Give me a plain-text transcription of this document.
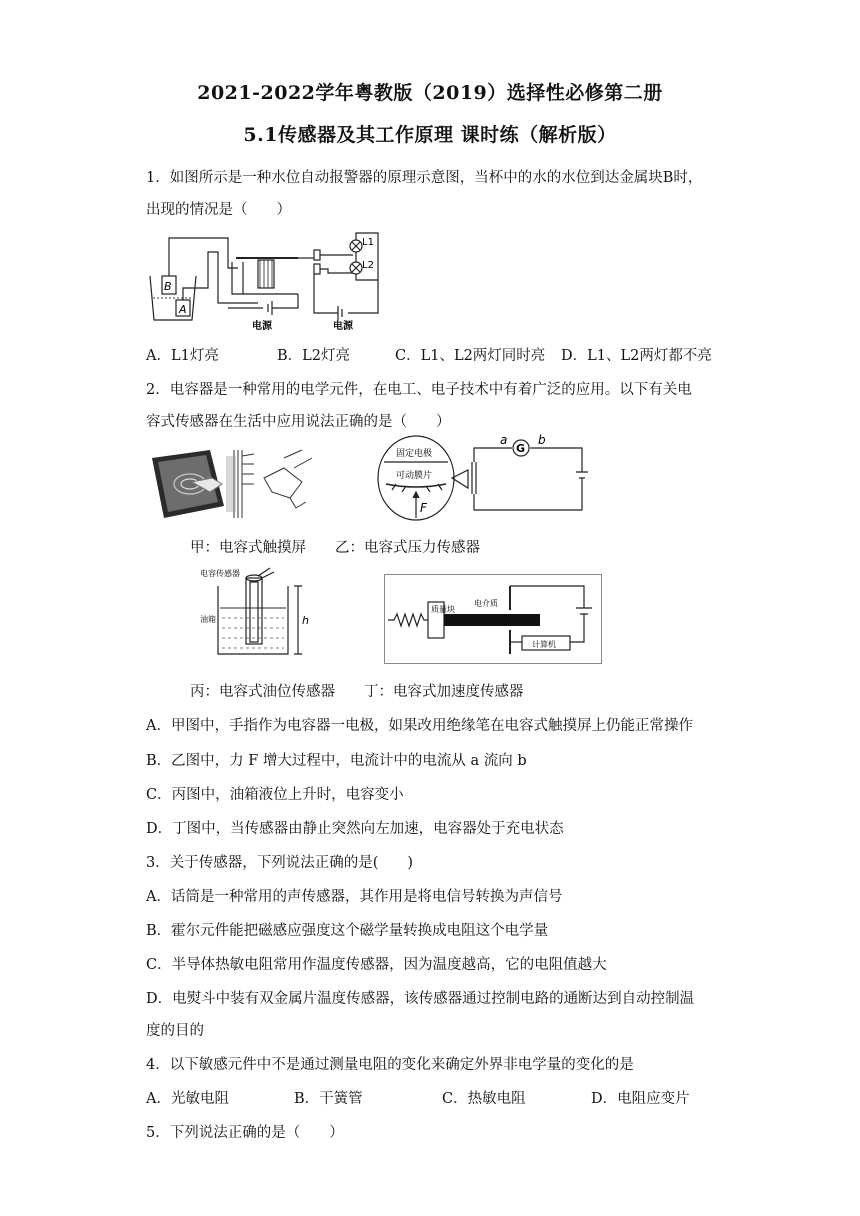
2021-2022学年粤教版（2019）选择性必修第二册
5.1传感器及其工作原理 课时练（解析版）
1．如图所示是一种水位自动报警器的原理示意图，当杯中的水的水位到达金属块B时，
出现的情况是（　　）
B
A
L1
L2
电源	电源
A．L1灯亮	B．L2灯亮	C．L1、L2两灯同时亮 D．L1、L2两灯都不亮
2．电容器是一种常用的电学元件，在电工、电子技术中有着广泛的应用。以下有关电
容式传感器在生活中应用说法正确的是（　　）
甲：电容式触摸屏　　乙：电容式压力传感器
固定电极
可动膜片
F
G
a	b
电容传感器
油箱	h
质量块
电介质
计算机
丙：电容式油位传感器　　丁：电容式加速度传感器
A．甲图中，手指作为电容器一电极，如果改用绝缘笔在电容式触摸屏上仍能正常操作
B．乙图中，力 F 增大过程中，电流计中的电流从 a 流向 b
C．丙图中，油箱液位上升时，电容变小
D．丁图中，当传感器由静止突然向左加速，电容器处于充电状态
3．关于传感器，下列说法正确的是(　　)
A．话筒是一种常用的声传感器，其作用是将电信号转换为声信号
B．霍尔元件能把磁感应强度这个磁学量转换成电阻这个电学量
C．半导体热敏电阻常用作温度传感器，因为温度越高，它的电阻值越大
D．电熨斗中装有双金属片温度传感器，该传感器通过控制电路的通断达到自动控制温
度的目的
4．以下敏感元件中不是通过测量电阻的变化来确定外界非电学量的变化的是
A．光敏电阻	B．干簧管	C．热敏电阻	D．电阻应变片
5．下列说法正确的是（　　）
